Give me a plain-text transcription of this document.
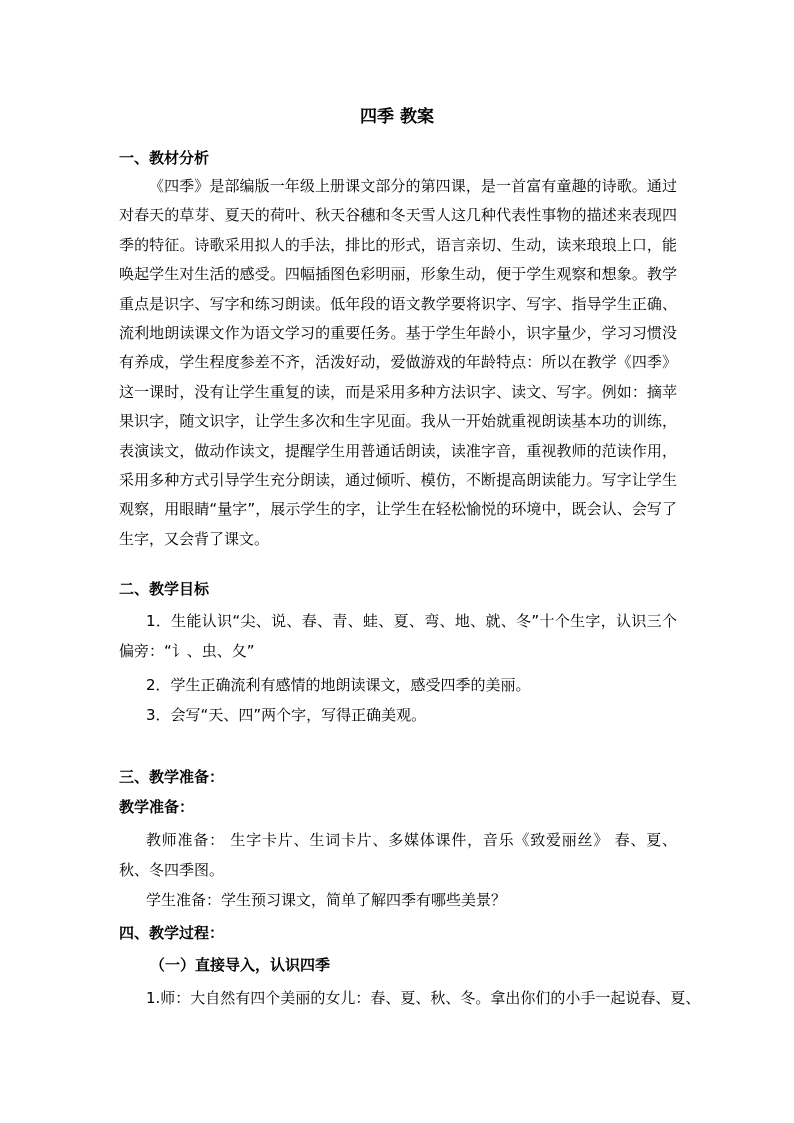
四季 教案
一、教材分析

《四季》是部编版一年级上册课文部分的第四课，是一首富有童趣的诗歌。通过对春天的草芽、夏天的荷叶、秋天谷穗和冬天雪人这几种代表性事物的描述来表现四季的特征。诗歌采用拟人的手法，排比的形式，语言亲切、生动，读来琅琅上口，能唤起学生对生活的感受。四幅插图色彩明丽，形象生动，便于学生观察和想象。教学重点是识字、写字和练习朗读。低年段的语文教学要将识字、写字、指导学生正确、流利地朗读课文作为语文学习的重要任务。基于学生年龄小，识字量少，学习习惯没有养成，学生程度参差不齐，活泼好动，爱做游戏的年龄特点：所以在教学《四季》这一课时，没有让学生重复的读，而是采用多种方法识字、读文、写字。例如：摘苹果识字，随文识字，让学生多次和生字见面。我从一开始就重视朗读基本功的训练，表演读文，做动作读文，提醒学生用普通话朗读，读准字音，重视教师的范读作用，采用多种方式引导学生充分朗读，通过倾听、模仿，不断提高朗读能力。写字让学生观察，用眼睛“量字”，展示学生的字，让学生在轻松愉悦的环境中，既会认、会写了生字，又会背了课文。

二、教学目标

1．生能认识“尖、说、春、青、蛙、夏、弯、地、就、冬”十个生字，认识三个偏旁：“讠、虫、夂”

2．学生正确流利有感情的地朗读课文，感受四季的美丽。

3．会写“天、四”两个字，写得正确美观。

三、教学准备：
教学准备：

教师准备： 生字卡片、生词卡片、多媒体课件，音乐《致爱丽丝》 春、夏、秋、冬四季图。

学生准备：学生预习课文，简单了解四季有哪些美景？

四、教学过程：
（一）直接导入，认识四季

1.师：大自然有四个美丽的女儿：春、夏、秋、冬。拿出你们的小手一起说春、夏、
